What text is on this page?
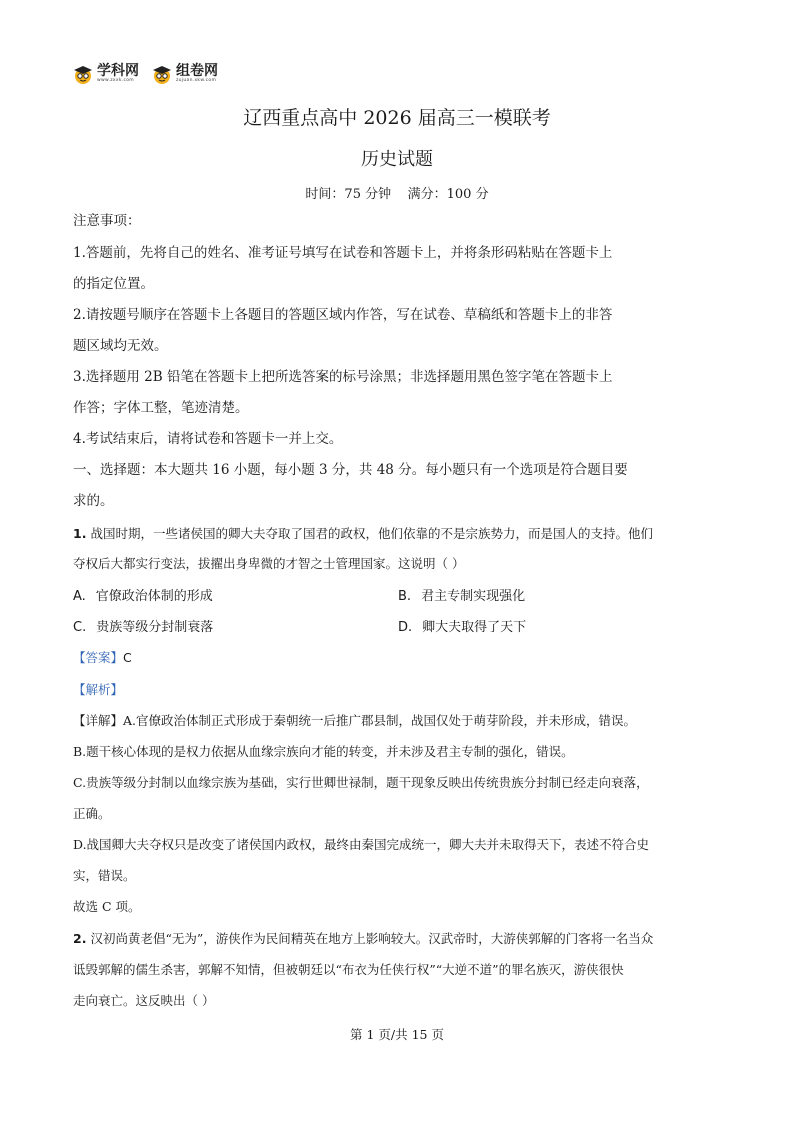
学科网
www.zxxk.com
组卷网
zujuan.xkw.com
辽西重点高中 2026 届高三一模联考
历史试题
时间：75 分钟    满分：100 分
注意事项：
1.答题前，先将自己的姓名、准考证号填写在试卷和答题卡上，并将条形码粘贴在答题卡上
的指定位置。
2.请按题号顺序在答题卡上各题目的答题区域内作答，写在试卷、草稿纸和答题卡上的非答
题区域均无效。
3.选择题用 2B 铅笔在答题卡上把所选答案的标号涂黑；非选择题用黑色签字笔在答题卡上
作答；字体工整，笔迹清楚。
4.考试结束后，请将试卷和答题卡一并上交。
一、选择题：本大题共 16 小题，每小题 3 分，共 48 分。每小题只有一个选项是符合题目要
求的。
1. 战国时期，一些诸侯国的卿大夫夺取了国君的政权，他们依靠的不是宗族势力，而是国人的支持。他们
夺权后大都实行变法，拔擢出身卑微的才智之士管理国家。这说明（ ）
A. 官僚政治体制的形成	B. 君主专制实现强化
C. 贵族等级分封制衰落	D. 卿大夫取得了天下
【答案】C
【解析】
【详解】A.官僚政治体制正式形成于秦朝统一后推广郡县制，战国仅处于萌芽阶段，并未形成，错误。
B.题干核心体现的是权力依据从血缘宗族向才能的转变，并未涉及君主专制的强化，错误。
C.贵族等级分封制以血缘宗族为基础，实行世卿世禄制，题干现象反映出传统贵族分封制已经走向衰落，
正确。
D.战国卿大夫夺权只是改变了诸侯国内政权，最终由秦国完成统一，卿大夫并未取得天下，表述不符合史
实，错误。
故选 C 项。
2. 汉初尚黄老倡“无为”，游侠作为民间精英在地方上影响较大。汉武帝时，大游侠郭解的门客将一名当众
诋毁郭解的儒生杀害，郭解不知情，但被朝廷以“布衣为任侠行权”“大逆不道”的罪名族灭，游侠很快
走向衰亡。这反映出（ ）
第 1 页/共 15 页
